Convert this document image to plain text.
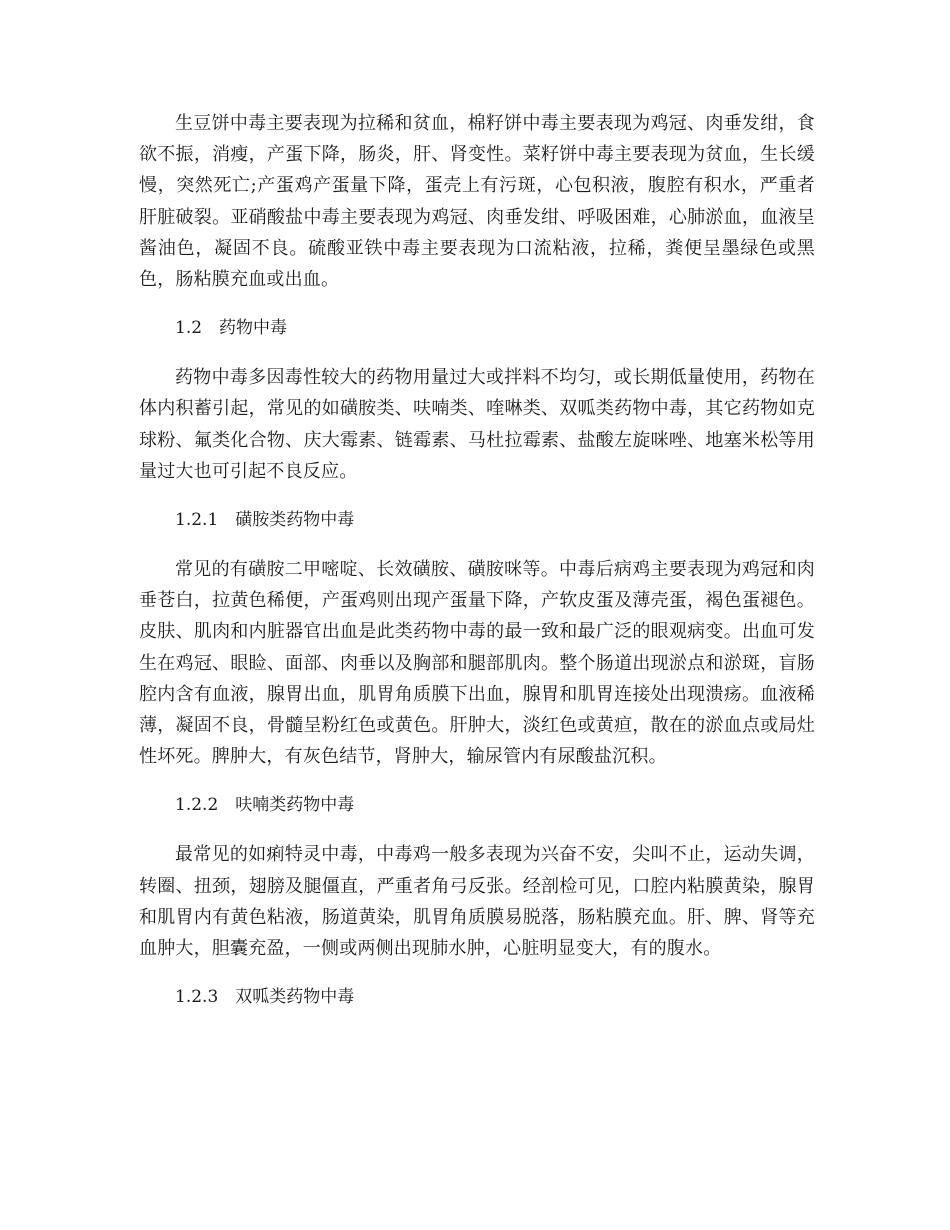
生豆饼中毒主要表现为拉稀和贫血，棉籽饼中毒主要表现为鸡冠、肉垂发绀，食欲不振，消瘦，产蛋下降，肠炎，肝、肾变性。菜籽饼中毒主要表现为贫血，生长缓慢，突然死亡;产蛋鸡产蛋量下降，蛋壳上有污斑，心包积液，腹腔有积水，严重者肝脏破裂。亚硝酸盐中毒主要表现为鸡冠、肉垂发绀、呼吸困难，心肺淤血，血液呈酱油色，凝固不良。硫酸亚铁中毒主要表现为口流粘液，拉稀，粪便呈墨绿色或黑色，肠粘膜充血或出血。

1.2　药物中毒

药物中毒多因毒性较大的药物用量过大或拌料不均匀，或长期低量使用，药物在体内积蓄引起，常见的如磺胺类、呋喃类、喹啉类、双呱类药物中毒，其它药物如克球粉、氟类化合物、庆大霉素、链霉素、马杜拉霉素、盐酸左旋咪唑、地塞米松等用量过大也可引起不良反应。

1.2.1　磺胺类药物中毒

常见的有磺胺二甲嘧啶、长效磺胺、磺胺咪等。中毒后病鸡主要表现为鸡冠和肉垂苍白，拉黄色稀便，产蛋鸡则出现产蛋量下降，产软皮蛋及薄壳蛋，褐色蛋褪色。皮肤、肌肉和内脏器官出血是此类药物中毒的最一致和最广泛的眼观病变。出血可发生在鸡冠、眼睑、面部、肉垂以及胸部和腿部肌肉。整个肠道出现淤点和淤斑，盲肠腔内含有血液，腺胃出血，肌胃角质膜下出血，腺胃和肌胃连接处出现溃疡。血液稀薄，凝固不良，骨髓呈粉红色或黄色。肝肿大，淡红色或黄疸，散在的淤血点或局灶性坏死。脾肿大，有灰色结节，肾肿大，输尿管内有尿酸盐沉积。

1.2.2　呋喃类药物中毒

最常见的如痢特灵中毒，中毒鸡一般多表现为兴奋不安，尖叫不止，运动失调，转圈、扭颈，翅膀及腿僵直，严重者角弓反张。经剖检可见，口腔内粘膜黄染，腺胃和肌胃内有黄色粘液，肠道黄染，肌胃角质膜易脱落，肠粘膜充血。肝、脾、肾等充血肿大，胆囊充盈，一侧或两侧出现肺水肿，心脏明显变大，有的腹水。

1.2.3　双呱类药物中毒
